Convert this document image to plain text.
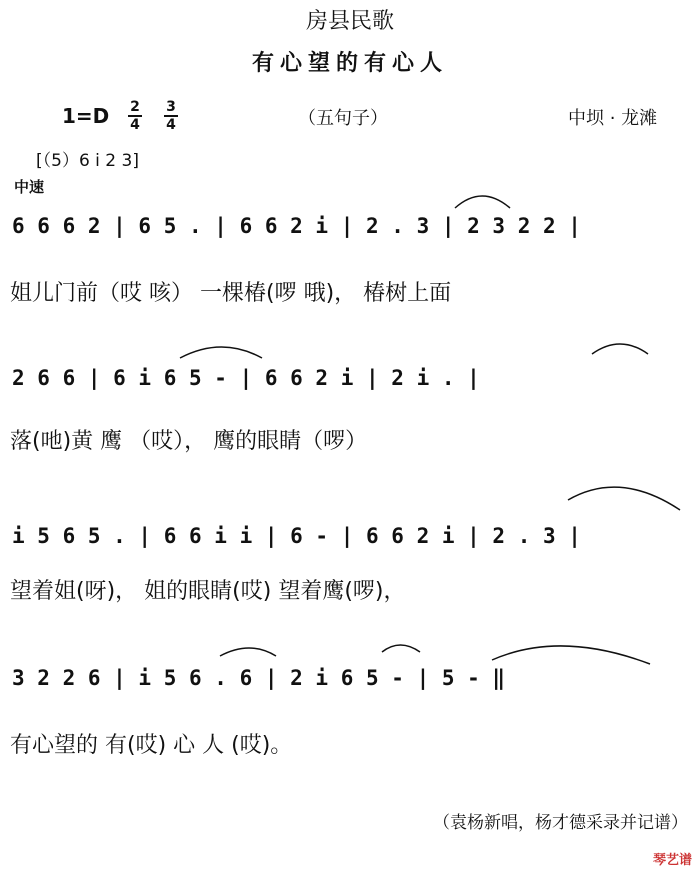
房县民歌
有心望的有心人
1=D 2
4
3
4	（五句子）	中坝 · 龙滩
[（5）6 i 2 3]
中速
6 6 6 2 | 6 5 . | 6 6 2 i | 2 . 3 | 2 3 2 2 |
姐儿门前（哎 咳） 一棵椿(啰 哦)， 椿树上面
2 6 6 | 6 i 6 5 - | 6 6 2 i | 2 i . |
落(吔)黄 鹰 （哎）， 鹰的眼睛（啰）
i 5 6 5 . | 6 6 i i | 6 - | 6 6 2 i | 2 . 3 |
望着姐(呀)， 姐的眼睛(哎) 望着鹰(啰)，
3 2 2 6 | i 5 6 . 6 | 2 i 6 5 - | 5 - ‖
有心望的 有(哎) 心 人 (哎)。
（袁杨新唱，杨才德采录并记谱）
琴艺谱
